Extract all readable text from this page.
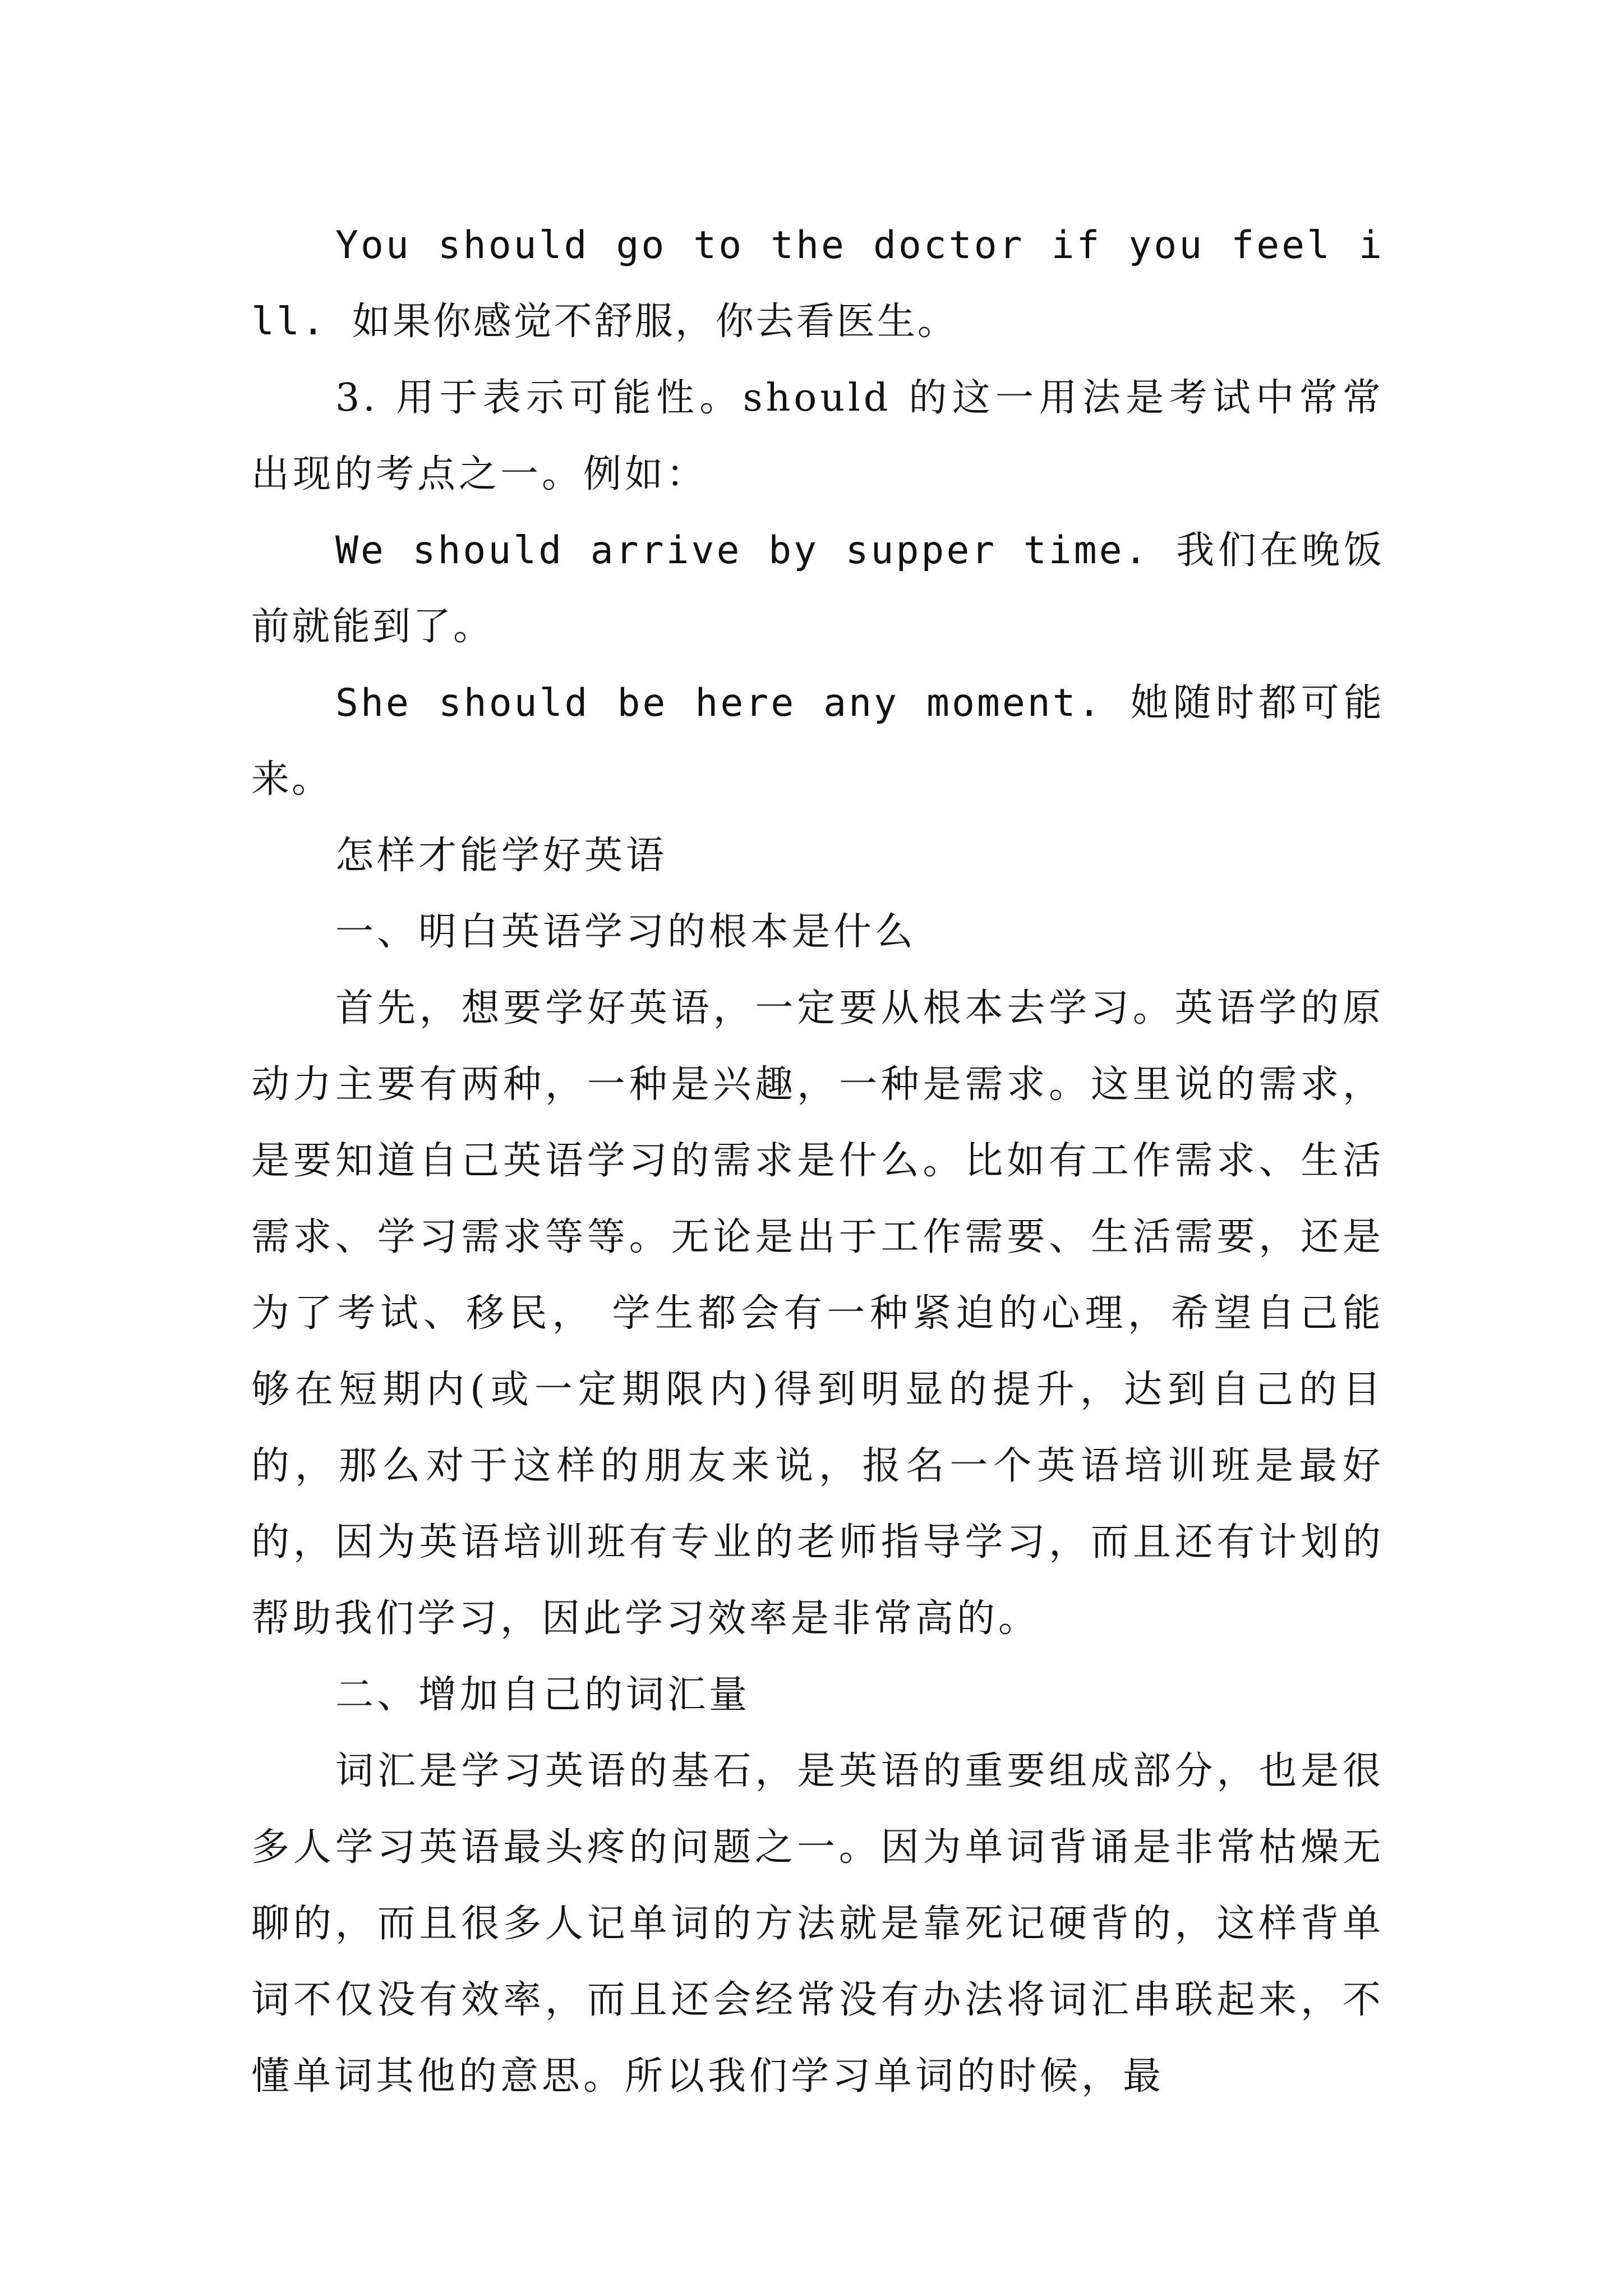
You should go to the doctor if you feel ill. 如果你感觉不舒服，你去看医生。

3. 用于表示可能性。should 的这一用法是考试中常常出现的考点之一。例如：

We should arrive by supper time. 我们在晚饭前就能到了。

She should be here any moment. 她随时都可能来。

怎样才能学好英语

一、明白英语学习的根本是什么

首先，想要学好英语，一定要从根本去学习。英语学的原动力主要有两种，一种是兴趣，一种是需求。这里说的需求，是要知道自己英语学习的需求是什么。比如有工作需求、生活需求、学习需求等等。无论是出于工作需要、生活需要，还是为了考试、移民， 学生都会有一种紧迫的心理，希望自己能够在短期内(或一定期限内)得到明显的提升，达到自己的目的，那么对于这样的朋友来说，报名一个英语培训班是最好的，因为英语培训班有专业的老师指导学习，而且还有计划的帮助我们学习，因此学习效率是非常高的。

二、增加自己的词汇量

词汇是学习英语的基石，是英语的重要组成部分，也是很多人学习英语最头疼的问题之一。因为单词背诵是非常枯燥无聊的，而且很多人记单词的方法就是靠死记硬背的，这样背单词不仅没有效率，而且还会经常没有办法将词汇串联起来，不懂单词其他的意思。所以我们学习单词的时候，最
